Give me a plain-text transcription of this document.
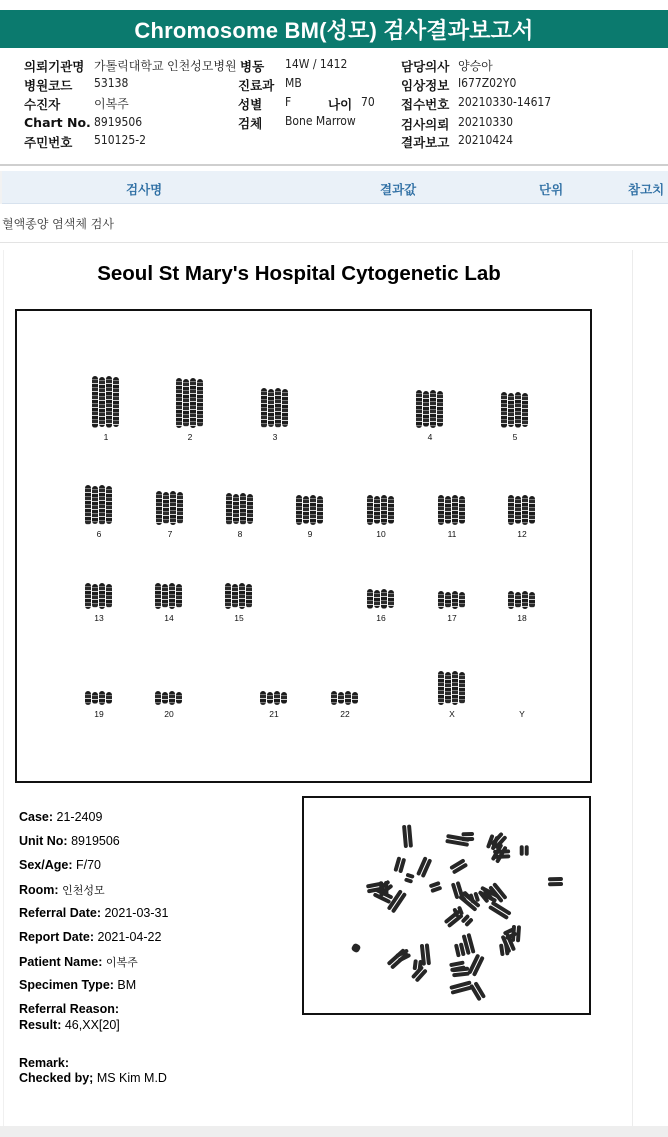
Chromosome BM(성모) 검사결과보고서
의뢰기관명 가톨릭대학교 인천성모병원 병동 14W / 1412	담당의사 양승아
병원코드 53138	진료과 MB	임상정보 I677Z02Y0
수진자	이복주	성별 F	나이 70 접수번호 20210330-14617
Chart No. 8919506	검체 Bone Marrow	검사의뢰 20210330
주민번호 510125-2	결과보고 20210424
검사명	결과값	단위	참고치
혈액종양 염색체 검사
Seoul St Mary's Hospital Cytogenetic Lab
1	2	3	4	5
6	7	8	9	10	11	12
13	14	15	16	17	18
19	20	21	22	X	Y
Case: 21-2409
Unit No: 8919506
Sex/Age: F/70
Room: 인천성모
Referral Date: 2021-03-31
Report Date: 2021-04-22
Patient Name: 이복주
Specimen Type: BM
Referral Reason:
Result: 46,XX[20]
Remark:
Checked by; MS Kim M.D
